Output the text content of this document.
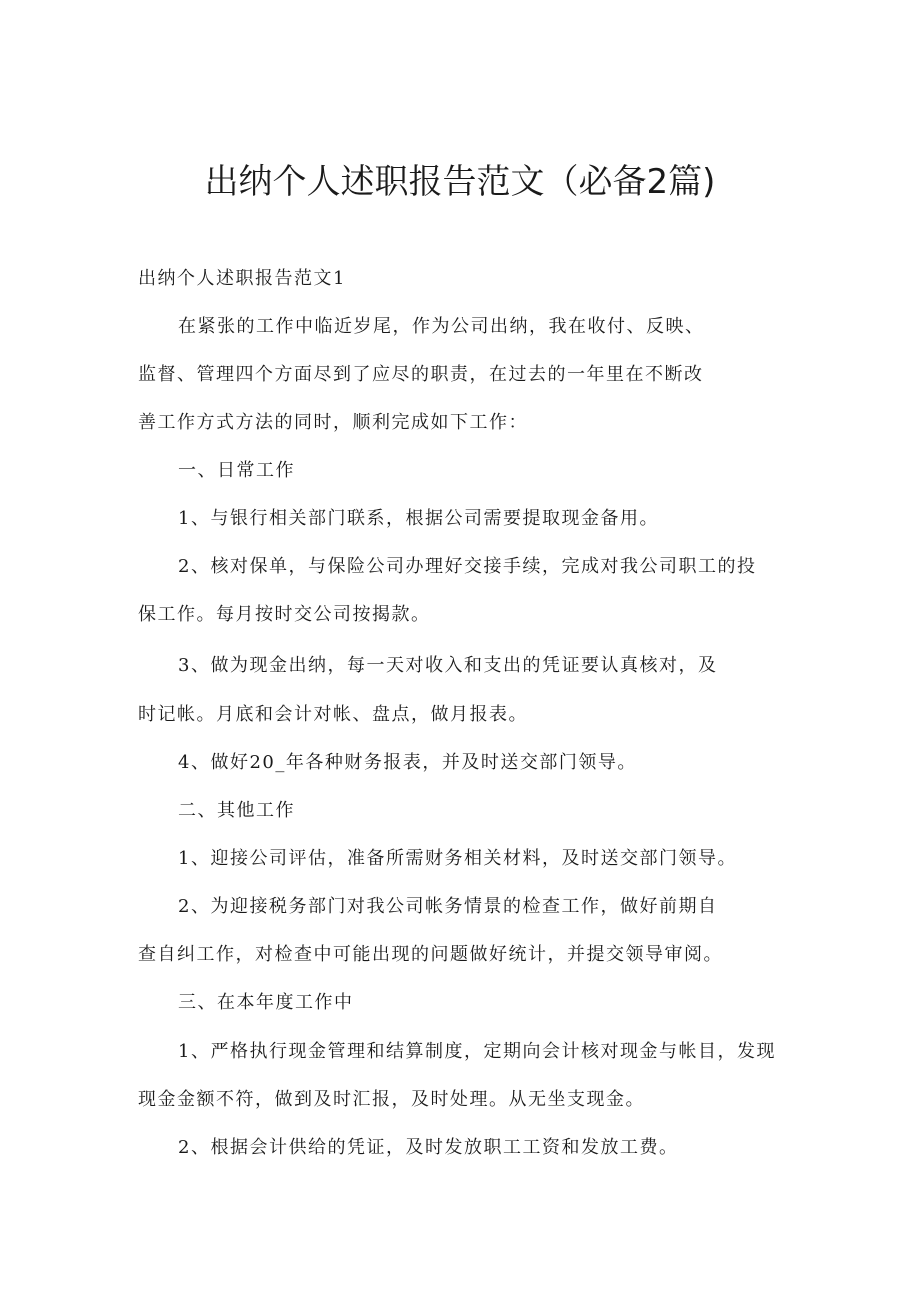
出纳个人述职报告范文（必备2篇)
出纳个人述职报告范文1
在紧张的工作中临近岁尾，作为公司出纳，我在收付、反映、
监督、管理四个方面尽到了应尽的职责，在过去的一年里在不断改
善工作方式方法的同时，顺利完成如下工作：
一、日常工作
1、与银行相关部门联系，根据公司需要提取现金备用。
2、核对保单，与保险公司办理好交接手续，完成对我公司职工的投
保工作。每月按时交公司按揭款。
3、做为现金出纳，每一天对收入和支出的凭证要认真核对，及
时记帐。月底和会计对帐、盘点，做月报表。
4、做好20_年各种财务报表，并及时送交部门领导。
二、其他工作
1、迎接公司评估，准备所需财务相关材料，及时送交部门领导。
2、为迎接税务部门对我公司帐务情景的检查工作，做好前期自
查自纠工作，对检查中可能出现的问题做好统计，并提交领导审阅。
三、在本年度工作中
1、严格执行现金管理和结算制度，定期向会计核对现金与帐目，发现
现金金额不符，做到及时汇报，及时处理。从无坐支现金。
2、根据会计供给的凭证，及时发放职工工资和发放工费。
